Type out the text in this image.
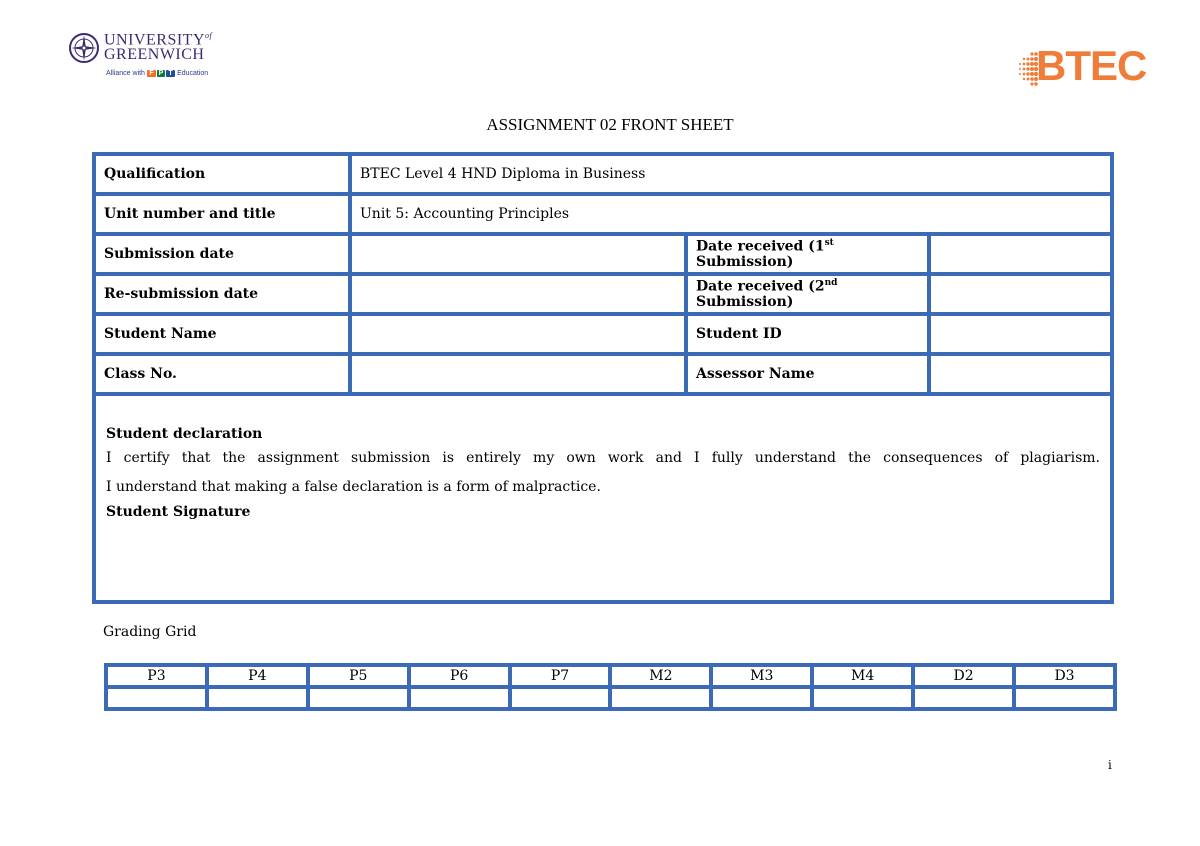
$UNIVERSITY^{of}$
GREENWICH
Alliance with F P T Education	BTEC
ASSIGNMENT 02 FRONT SHEET
Qualification	BTEC Level 4 HND Diploma in Business		
Unit number and title	Unit 5: Accounting Principles		
Submission date		Date received (1st Submission)	
Re-submission date		Date received (2nd Submission)	
Student Name		Student ID	
Class No.		Assessor Name	

Student declaration
I certify that the assignment submission is entirely my own work and I fully understand the consequences of plagiarism.
I understand that making a false declaration is a form of malpractice.
Student Signature			
Grading Grid
P3	P4	P5	P6	P7	M2	M3	M4	D2	D3

i
